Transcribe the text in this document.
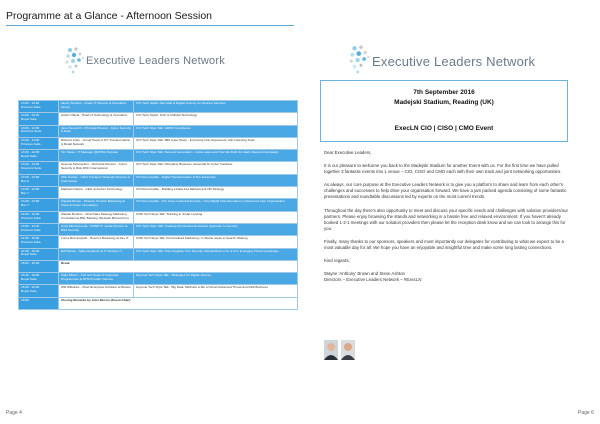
Programme at a Glance - Afternoon Session
Executive Leaders Network
13:00 - 13:30
Princess Suite	Jason Hunston - Group IT Director & Innovation Group	CIO Tech Stylist: Ask what is Digital Journey for Finance Services

13:00 - 13:30
Royal Suite	Austin ONeal - Head of Technology & Innovation	CIO Tech Stylist: Tech & Artificial Technology

13:00 - 13:30
Directors Suite	Jane Kenworth - Principal Director - Cyber Security & Data	CIO Tech Style Talk: GDPR Compliance

13:30 - 14:00
Princess Suite	Richard Jubie - Group Head of ICT Transformation & Retail Network	CIO Tech Style Talk: IBM Case Study - Improving User Experience with Listening Tools

13:30 - 14:00
Royal Suite	Tim Sloan - IT Manager @NHSL Purpose	CIO Tech Style Talk: Demand Generation - Inside sales and How We Built Our Early Demand Campaign

13:30 - 14:00
Directors Suite	Graeme McCracken - Technical Director - Cyber Security & Risk DNC International	CIO Tech Style Talk: Disruptive Business: Essential To Cyber Institutes

13:30 - 14:00
Box 6	Ollie Hartley - Chief Transport Strategic Director at Cala Group	CIO Round table - Digital Transformation & The Enterprise

13:30 - 14:00
Box 7	Matthew Pakins - CEO at Ambex Technology	CIO Round table - Building a Data-Led Marketing & HR Strategy

13:30 - 14:00
Box 7	Claudia Brown - Director, Product Marketing at Cisco & Green Innovations	CIO Round table - The User-centred Enterprise - How Digital Transformation is Influenced User Organisation

14:00 - 14:30
Princess Suite	Alastair Burkins - Chief Data Strategy Marketing Consultant at BSL Banking (Network Bid and Itm)	CMO Tech Style Talk: Thinking in Smart Lending

14:00 - 14:30
Princess Suite	Andy Mitchell-ueda - CMSD Pr media Director at BSA Security	CIO Tech Style Talk: Creating All Inclusive Enterprise Approach to Security

14:30 - 15:00
Princess Suite	Lorna Moh Empath - Head of Marketing at Dev IT	CMO Tech Style Talk: Personalised Marketing / in Sterile areas to Search Sharing

14:30 - 15:00
Royal Suite	Ed Heinley - Sales Engineer at IT Analyse IT	CIO Tech Style Talk: How Integrate Your Security Standardized to AI & AI in Emerging Threat Landscape

15:00 - 15:30	Break	

15:30 - 16:00
Royal Suite	Sally Wilson - CIO and Head of Corporate Programmes at NHS Provider Service	Keynote Tech Style Talk - Strategies for Digital Journey

15:30 - 16:00
Royal Suite	Will Wilbanks - Chief Enterprise Architect at Boston	Keynote Tech Style Talk - Big Data: Methods to Be of Cloud Advanced Threat and Risk Business

16:00	Closing Remarks by John Morton (Event Chair)	
Page 4
Executive Leaders Network
7th September 2016
Madejski Stadium, Reading (UK)
ExecLN CIO | CISO | CMO Event

Dear Executive Leaders,

It is our pleasure to welcome you back to the Madejski Stadium for another Event with us. For the first time we have pulled together 3 fantastic events into 1 venue – CIO, CISO and CMO each with their own track and joint networking opportunities.

As always, our core purpose at the Executive Leaders Network is to give you a platform to share and learn from each other's challenges and successes to help drive your organisation forward. We have a jam packed agenda consisting of some fantastic presentations and roundtable discussions led by experts on the most current trends.

Throughout the day there's also opportunity to meet and discuss your specific needs and challenges with solution providers/our partners. Please enjoy browsing the stands and networking in a hassle free and relaxed environment. If you haven't already booked 1-2-1 meetings with our solution providers then please let the reception desk know and we can look to arrange this for you.

Finally, many thanks to our sponsors, speakers and most importantly our delegates for contributing to what we expect to be a most valuable day for all. We hope you have an enjoyable and insightful time and make some long lasting connections.

Kind regards,

Wayne 'Anthony' Brown and Steve Ashton

Directors – Executive Leaders Network – #ExecLN

Page 6
